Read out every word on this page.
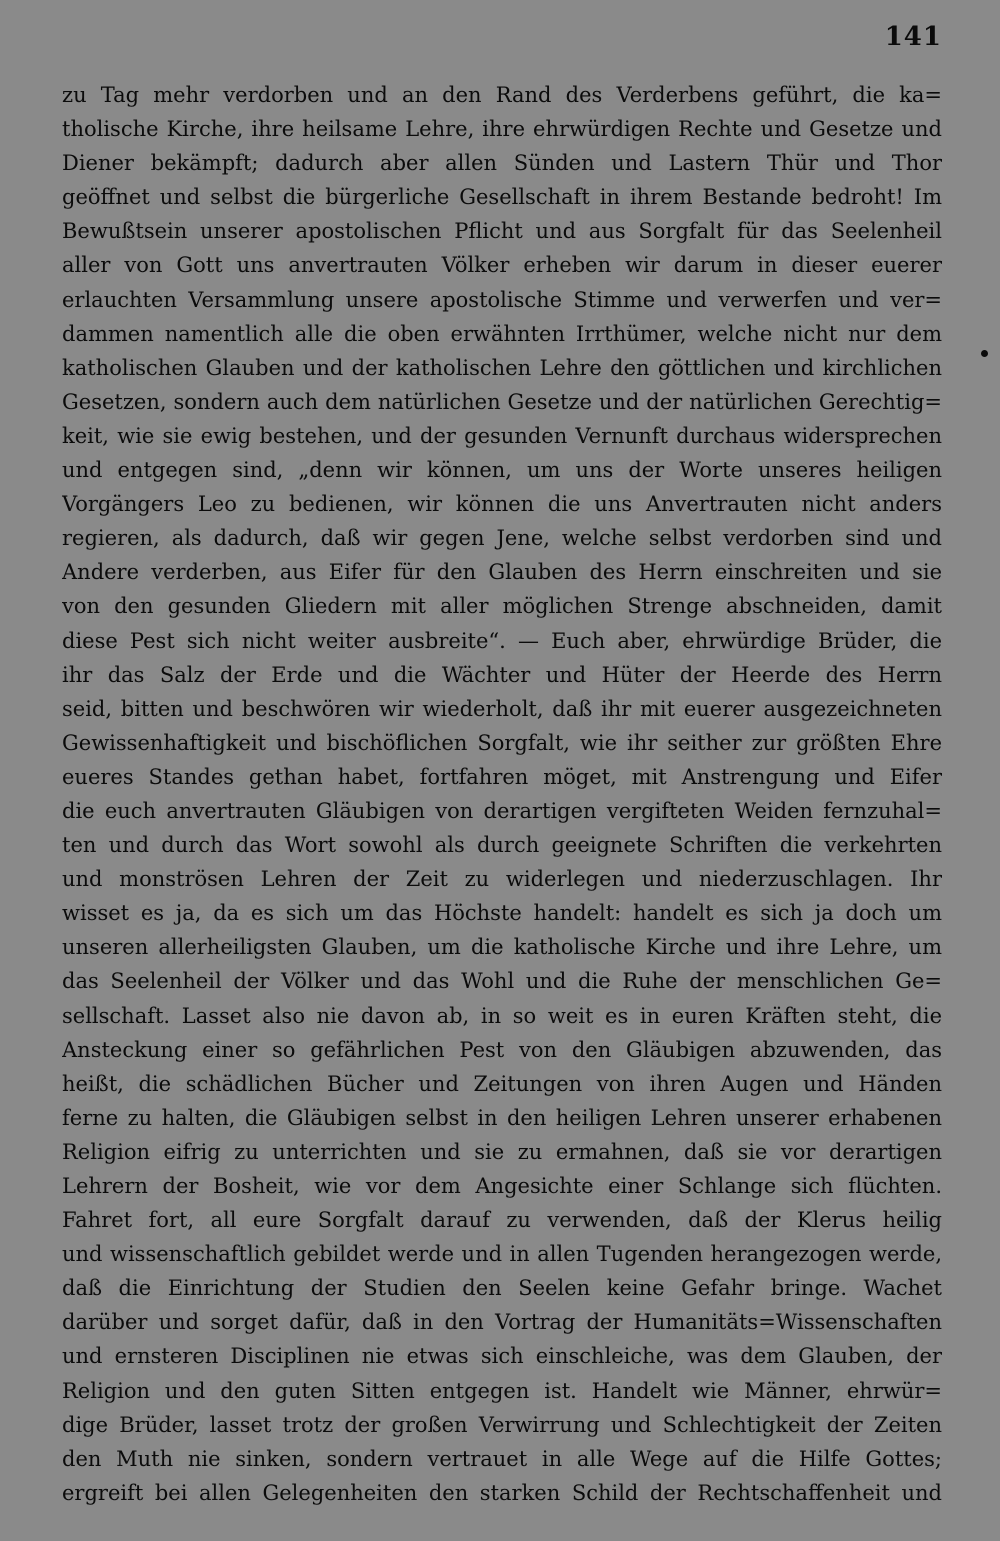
141
zu Tag mehr verdorben und an den Rand des Verderbens geführt, die ka=
tholische Kirche, ihre heilsame Lehre, ihre ehrwürdigen Rechte und Gesetze und
Diener bekämpft; dadurch aber allen Sünden und Lastern Thür und Thor
geöffnet und selbst die bürgerliche Gesellschaft in ihrem Bestande bedroht! Im
Bewußtsein unserer apostolischen Pflicht und aus Sorgfalt für das Seelenheil
aller von Gott uns anvertrauten Völker erheben wir darum in dieser euerer
erlauchten Versammlung unsere apostolische Stimme und verwerfen und ver=
dammen namentlich alle die oben erwähnten Irrthümer, welche nicht nur dem
katholischen Glauben und der katholischen Lehre den göttlichen und kirchlichen
Gesetzen, sondern auch dem natürlichen Gesetze und der natürlichen Gerechtig=
keit, wie sie ewig bestehen, und der gesunden Vernunft durchaus widersprechen
und entgegen sind, „denn wir können, um uns der Worte unseres heiligen
Vorgängers Leo zu bedienen, wir können die uns Anvertrauten nicht anders
regieren, als dadurch, daß wir gegen Jene, welche selbst verdorben sind und
Andere verderben, aus Eifer für den Glauben des Herrn einschreiten und sie
von den gesunden Gliedern mit aller möglichen Strenge abschneiden, damit
diese Pest sich nicht weiter ausbreite“. — Euch aber, ehrwürdige Brüder, die
ihr das Salz der Erde und die Wächter und Hüter der Heerde des Herrn
seid, bitten und beschwören wir wiederholt, daß ihr mit euerer ausgezeichneten
Gewissenhaftigkeit und bischöflichen Sorgfalt, wie ihr seither zur größten Ehre
eueres Standes gethan habet, fortfahren möget, mit Anstrengung und Eifer
die euch anvertrauten Gläubigen von derartigen vergifteten Weiden fernzuhal=
ten und durch das Wort sowohl als durch geeignete Schriften die verkehrten
und monströsen Lehren der Zeit zu widerlegen und niederzuschlagen. Ihr
wisset es ja, da es sich um das Höchste handelt: handelt es sich ja doch um
unseren allerheiligsten Glauben, um die katholische Kirche und ihre Lehre, um
das Seelenheil der Völker und das Wohl und die Ruhe der menschlichen Ge=
sellschaft. Lasset also nie davon ab, in so weit es in euren Kräften steht, die
Ansteckung einer so gefährlichen Pest von den Gläubigen abzuwenden, das
heißt, die schädlichen Bücher und Zeitungen von ihren Augen und Händen
ferne zu halten, die Gläubigen selbst in den heiligen Lehren unserer erhabenen
Religion eifrig zu unterrichten und sie zu ermahnen, daß sie vor derartigen
Lehrern der Bosheit, wie vor dem Angesichte einer Schlange sich flüchten.
Fahret fort, all eure Sorgfalt darauf zu verwenden, daß der Klerus heilig
und wissenschaftlich gebildet werde und in allen Tugenden herangezogen werde,
daß die Einrichtung der Studien den Seelen keine Gefahr bringe. Wachet
darüber und sorget dafür, daß in den Vortrag der Humanitäts=Wissenschaften
und ernsteren Disciplinen nie etwas sich einschleiche, was dem Glauben, der
Religion und den guten Sitten entgegen ist. Handelt wie Männer, ehrwür=
dige Brüder, lasset trotz der großen Verwirrung und Schlechtigkeit der Zeiten
den Muth nie sinken, sondern vertrauet in alle Wege auf die Hilfe Gottes;
ergreift bei allen Gelegenheiten den starken Schild der Rechtschaffenheit und
